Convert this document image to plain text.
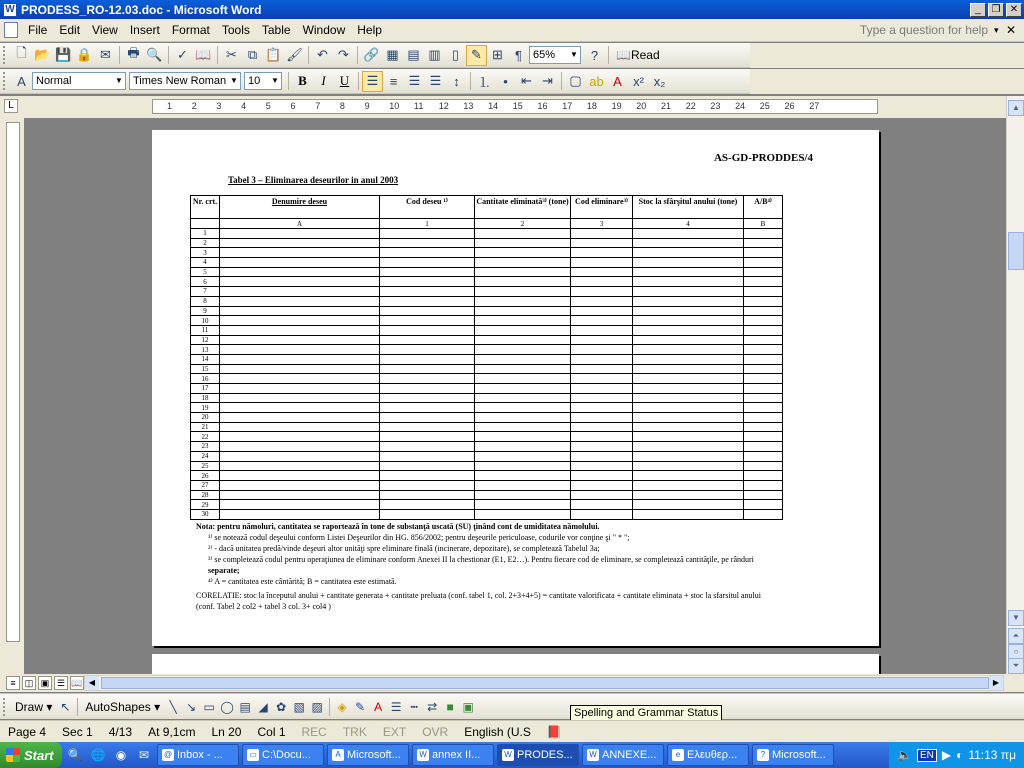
W PRODESS_RO-12.03.doc - Microsoft Word	_	❐ ✕
File	Edit	View	Insert	Format	Tools	Table	Window	Help	Type a question for help ▾ ✕
🗋 📂 💾 🔒 ✉	🖶 🔍	✓ 📖	✂ ⧉ 📋 🖌	↶ ↷	🔗 ▦ ▤ ▥ ▯ ✎ ⊞ ¶	65% ▼ ?	📖 Read
A Normal	▼ Times New Roman ▼ 10 ▼	B	I	U	☰ ≡ ☰ ☰ ↕	⒈ •	⇤ ⇥	▢ ab A x² x₂
L	1 2 3 4 5 6 7 8 9 10 11 12 13 14 15 16 17 18 19 20 21 22 23 24 25 26 27
AS-GD-PRODDES/4
Tabel 3 – Eliminarea deseurilor in anul 2003
Nr. crt.	Denumire deseu	Cod deseu ¹⁾	Cantitate eliminată³⁾ (tone)	Cod eliminare³⁾	Stoc la sfârşitul anului (tone)	A/B⁴⁾
	A	1	2	3	4	B
1						
2						
3						
4						
5						
6						
7						
8						
9						
10						
11						
12						
13						
14						
15						
16						
17						
18						
19						
20						
21						
22						
23						
24						
25						
26						
27						
28						
29						
30						
Nota: pentru nămoluri, cantitatea se raportează în tone de substanţă uscată (SU) ţinând cont de umiditatea nămolului.
¹⁾ se notează codul deşeului conform Listei Deşeurilor din HG. 856/2002; pentru deşeurile periculoase, codurile vor conţine şi " * ";
²⁾ - dacă unitatea predă/vinde deşeuri altor unităţi spre eliminare finală (incinerare, depozitare), se completează Tabelul 3a;
³⁾ se completează codul pentru operaţiunea de eliminare conform Anexei II la chestionar (E1, E2…). Pentru fiecare cod de eliminare, se completează cantităţile, pe rânduri
separate;
⁴⁾ A = cantitatea este cântărită; B = cantitatea este estimată.
CORELATIE: stoc la începutul anului + cantitate generata + cantitate preluata (conf. tabel 1, col. 2+3+4+5) = cantitate valorificata + cantitate eliminata + stoc la sfarsitul anului
(conf. Tabel 2 col2 + tabel 3 col. 3+ col4 )
▲
▼
⏶
○
⏷
≡	◫ ▣ ☰ 📖 ◀	▶
Draw ▾ ↖	AutoShapes ▾ ╲ ↘ ▭ ◯ ▤ ◢ ✿ ▧ ▨	◈ ✎ A ☰ ┅ ⇄ ■ ▣	Spelling and Grammar Status
Page 4	Sec 1	4/13	At 9,1cm	Ln 20	Col 1	REC	TRK	EXT	OVR	English (U.S	📕
Start 🔍 🌐 ◉	✉	@ Inbox - ...	▭ C:\Docu...	A Microsoft... W annex II...	W PRODES... W ANNEXE...	e Ελευθερ...	? Microsoft...	🔈 EN ▶ ◐ 11:13 πμ
